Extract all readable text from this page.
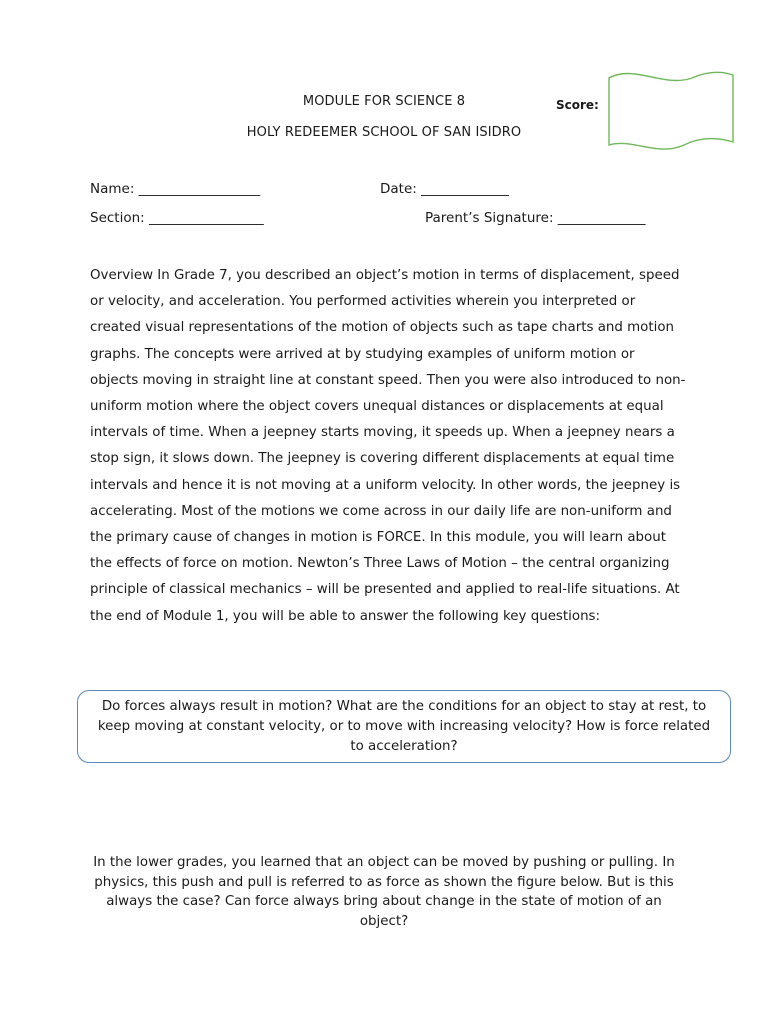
MODULE FOR SCIENCE 8
HOLY REDEEMER SCHOOL OF SAN ISIDRO
Score:
Name: __________________	Date: _____________
Section: _________________	Parent’s Signature: _____________
Overview In Grade 7, you described an object’s motion in terms of displacement, speed or velocity, and acceleration. You performed activities wherein you interpreted or created visual representations of the motion of objects such as tape charts and motion graphs. The concepts were arrived at by studying examples of uniform motion or objects moving in straight line at constant speed. Then you were also introduced to non-uniform motion where the object covers unequal distances or displacements at equal intervals of time. When a jeepney starts moving, it speeds up. When a jeepney nears a stop sign, it slows down. The jeepney is covering different displacements at equal time intervals and hence it is not moving at a uniform velocity. In other words, the jeepney is accelerating. Most of the motions we come across in our daily life are non-uniform and the primary cause of changes in motion is FORCE. In this module, you will learn about the effects of force on motion. Newton’s Three Laws of Motion – the central organizing principle of classical mechanics – will be presented and applied to real-life situations. At the end of Module 1, you will be able to answer the following key questions:
Do forces always result in motion? What are the conditions for an object to stay at rest, to keep moving at constant velocity, or to move with increasing velocity? How is force related to acceleration?
In the lower grades, you learned that an object can be moved by pushing or pulling. In physics, this push and pull is referred to as force as shown the figure below. But is this always the case? Can force always bring about change in the state of motion of an object?
